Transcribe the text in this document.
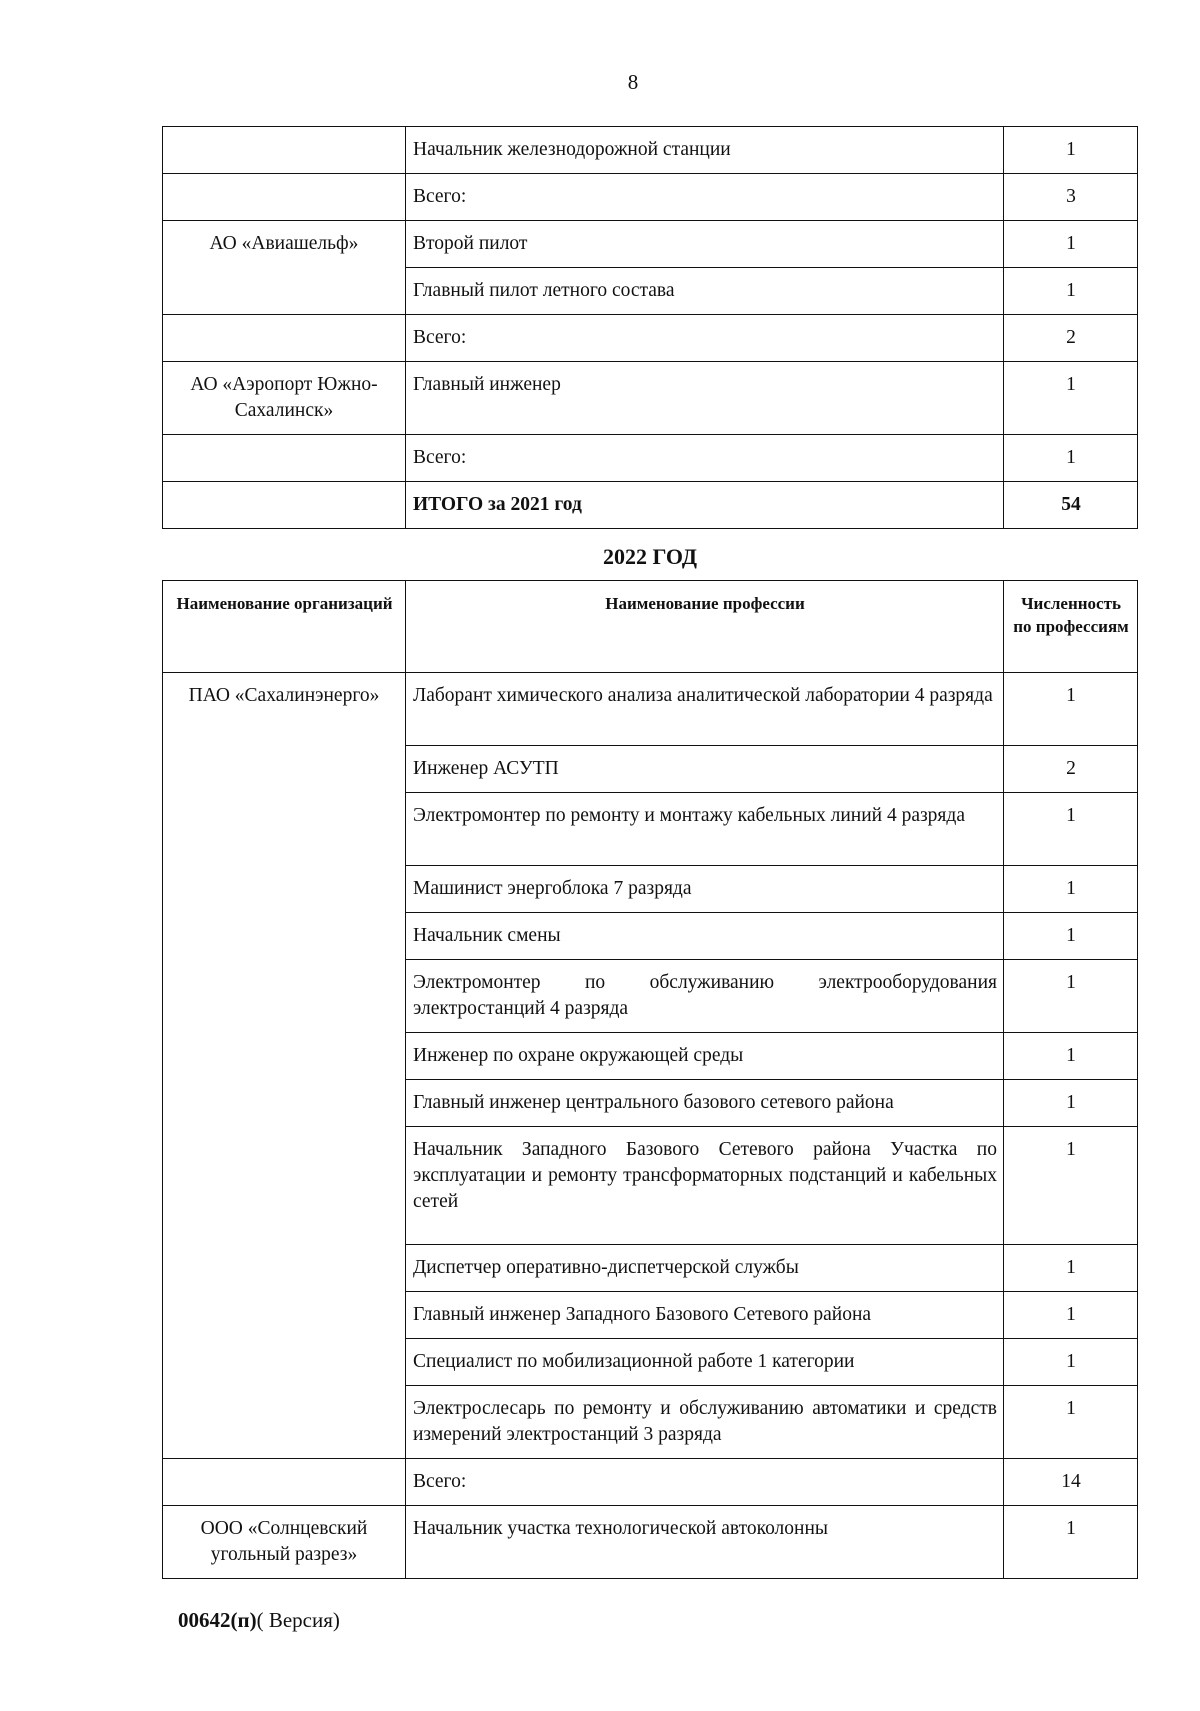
8
	Начальник железнодорожной станции	1
	Всего:	3
АО «Авиашельф»	Второй пилот	1
	Главный пилот летного состава	1
	Всего:	2
АО «Аэропорт Южно-Сахалинск»	Главный инженер	1
	Всего:	1
	ИТОГО за 2021 год	54
2022 ГОД
Наименование организаций	Наименование профессии	Численность по профессиям
ПАО «Сахалинэнерго»	Лаборант химического анализа аналитической лаборатории 4 разряда	1
	Инженер АСУТП	2
	Электромонтер по ремонту и монтажу кабельных линий 4 разряда	1
	Машинист энергоблока 7 разряда	1
	Начальник смены	1
	Электромонтер по обслуживанию электрооборудования электростанций 4 разряда	1
	Инженер по охране окружающей среды	1
	Главный инженер центрального базового сетевого района	1
	Начальник Западного Базового Сетевого района Участка по эксплуатации и ремонту трансформаторных подстанций и кабельных сетей	1
	Диспетчер оперативно-диспетчерской службы	1
	Главный инженер Западного Базового Сетевого района	1
	Специалист по мобилизационной работе 1 категории	1
	Электрослесарь по ремонту и обслуживанию автоматики и средств измерений электростанций 3 разряда	1
	Всего:	14
ООО «Солнцевский угольный разрез»	Начальник участка технологической автоколонны	1
00642(п)( Версия)
